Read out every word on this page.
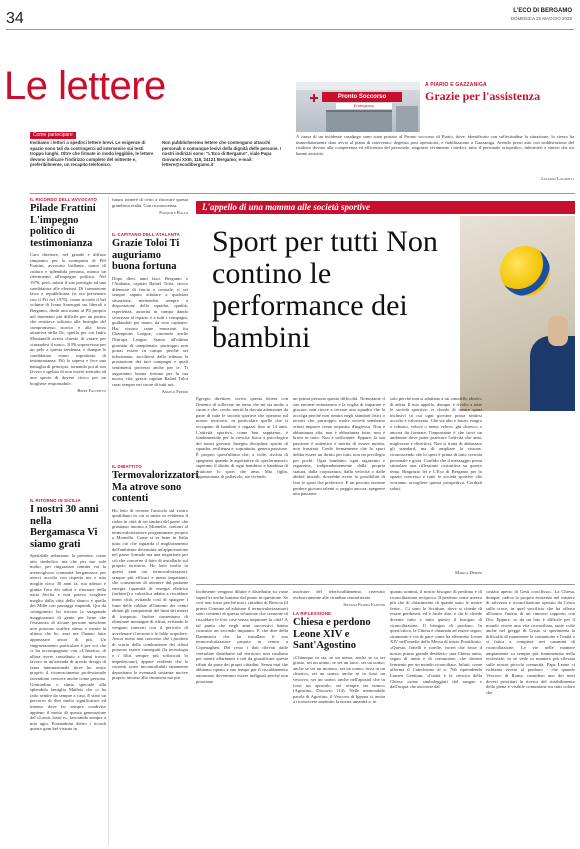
34	L'ECO DI BERGAMO
DOMENICA 25 MAGGIO 2025
Le lettere	Pronto Soccorso
Emergency
A PIARIO E GAZZANIGA
Grazie per l'assistenza
A causa di un incidente casalingo sono stato portato al Pronto soccorso di Piario, dove, identificato con sollecitudine la situazione, lo stesso ha immediatamente dato avvio al piano di intervento, degenza post operatoria, e riabilitazione a Gazzaniga. Avendo preso atto con soddisfazione del risultato dovuto alla competenza ed efficienza del personale, ringrazio vivamente i medici, tutto il personale ortopedico, infermieri e sintesi che mi hanno assistito.
Luciano Locatelli
Come partecipare
Invitiamo i lettori a spedirci lettere brevi. Le esigenze di spazio sono tali da costringerci ad intervenire sui testi troppo lunghi. Oltre che firmate in modo leggibile, le lettere devono indicare l'indirizzo completo del mittente e, preferibilmente, un recapito telefonico.
Non pubblicheremo lettere che contengano attacchi personali o comunque lesivi della dignità delle persone. I nostri indirizzi sono: "L'Eco di Bergamo", viale Papa Giovanni XXIII, 118, 24121 Bergamo; e-mail: lettere@ecodibergamo.it
IL RICORDO DELL'AVVOCATO
Pilade Frattini L'impegno politico di testimonianza
Caro direttore, nel grande e diffuso rimpianto per la scomparsa di Pili Frattini, avvocato brillante, uomo di cultura e splendida persona, manca un riferimento all'impegno politico. Nel 1976, però, infatti il suo prestigio ad una candidatura alle elezioni. Di formazione laica e repubblicana (si era presentato con il Pri nel 1970), come ricorda il bel volume di Ivano Sonzogni sui liberali a Bergamo, diede una mano al Pli proprio nel momento più difficile per un partito che resisteva solitario alle lusinghe del compromesso storico e alla forza attrattiva della Dc, quella per cui Indro Montanelli aveva chiesto di votare per «turandosi il naso». Il Pli sopravvisse per un pelo a questa tendenza, e dunque le candidature erano soprattutto di testimonianza. Pili lo sapeva e fece una battaglia di principio, tornando poi al suo lavoro e sgelato di non essere sottratto ad una specie di dovere civico per un borghese responsabile.
Beppe Facchetti
IL RITORNO IN SICILIA
I nostri 30 anni nella Bergamasca Vi siamo grati
Spettabile redazione, la presente, come atto simbolico ma che per me vale molto, per ringraziare tramite voi la meravigliosa comunità bergamasca per averci accolto con rispetto me e mia moglie circa 30 anni fa, ma adesso è giunta l'ora dei saluti e ritornare nella natia Sicilia e non potevo scegliere meglio dalla città dello sbarco e quella dei Mille con passaggi stupendi. Qui da «emigrante» ho trovato la stragrande maggioranza di gente per bene che l'esistenza di alcune persone meschine non possono scalfire stima, e mente la ultima che ho, anzi me l'hanno fatto apprezzare ancor di più. Un ringraziamento particolare è per voi che ci ha accompagnato con «L'Inserto» di allora avere contributo a farmi trovar lavoro in un'azienda di arredo design di fama internazionale dove ho avuto proprio il riconoscimento professionale facendomi crescere anche come persona. Gratitudine e stima speciale alla splendida famiglia Maffeis che ci ha fatto sentire da sempre a casa. E stato un percorso di dire molto significativo ed intenso dove ho sempre condiviso appieno il motto di questa generazione del «Lassù, lassù e», lavorando sempre a mio agio. Portandomi dietro i ricordi questo gran bel vissuto in
futuro torneré di certo a ritrovare questa grandiosa realtà. Con riconoscenza.
Pasquale Rallo
IL CAPITANO DELL'ATALANTA
Grazie Toloi Ti auguriamo buona fortuna
Dopo dieci anni lasci Bergamo e l'Atalanta, capitan Rafael Toloi, stoico difensore di fascia e centrale, ti sei sempre saputo adattare a qualsiasi situazione, mettendoti sempre a disposizione della squadra, qualità, esperienza, autorità in campo dando sicurezza al reparto e a tutti i compagni, guidandoli per mano, da vero capitano. Hai vissuto tante emozioni fra Champions League, vincendo anche l'Europa League. Siamo all'ultima giornata di campionato, purtroppo non potrai essere in campo perché sei infortunato, ascolterai dalla tribuna la prestazione dei tuoi compagni e quali sentimenti proverai anche per te. Ti auguriamo buona fortuna per la tua nuova vita, grazie capitan Rafael Toloi sarai sempre nei cuore di tutti noi.
Angelo Freddi
IL DIBATTITO
Termovalorizzatori Ma atrove sono contenti
Ho letto di recente l'articolo sul vostro quotidiano in cui si mette in evidenza il rialzo in città di sei sindaci del paese che giustiano intorno a Montello, contrari al termovalorizzatore programmato proprio a Montello. Come si sa bene in Italia tutto ciò che riguarda il miglioramento dell'ambiente determina un'approvazione nel paese formale ma una negazione per ciò che concerne il fatto di installarlo sul proprio territorio. Ho letto molto in questi anni sui termovalorizzatori, sempre più efficaci e meno impattanti, che consentono di ottenere dal pattume energia (quantità di energia elettrica (turbine)) e calorifica adatta a riscaldare interi città, evitando così di spargere i fumi delle caldaie all'interno dei centri abitati gli componenti del fumi dei mezzi di trasporto. Inoltre consentono di eliminare montagne di rifiuti, evitando le vengano interrati con il pericolo di avvelenare il terreno e le falde acquifere. Ancor meno non concesso che i prodotti di scarto della combustione dei rifiuti possono essere conseguiti (la tecnologia e i filtri sempre più sofisticati lo impediscono), appare evidente che le correnti acree incontrollabili tanamente depositano le eventuali sostanze nocive proprio intorno alla ciminiera ma più
L'appello di una mamma alle società sportive
Sport per tutti Non contino le performance dei bambini
Egregio direttore, scrivo questa lettera con l'intento di sollevare un tema che mi sta molto a cuore e che, credo, meriti la dovuta attenzione da parte di tutte le società sportive che operano sul nostro territorio, in particolare quelle che si occupano di bambini e ragazzi fino ai 14 anni. L'attività sportiva, come ben sappiamo, è fondamentale per la crescita fisica e psicologica dei nostri giovani. Insegna disciplina, spirito di squadra, resilienza e, soprattutto, genera passione. È proprio quest'ultima che, a volte, rischia di spegnersi quando le aspettative di «performance» superano il diritto di ogni bambino e bambina di praticare lo sport che ama. Mia figlia, appassionata di pallavolo, sta vivendo
un prima persona questa difficoltà. Nonostante il suo enorme entusiasmo e la voglia di imparare e giocare, non riesce a trovare una squadra che la accolga perché non rientra negli standard fisici o tecnici che, purtroppo, molte società sembrano ormai imporre come requisito d'ingresso. Non è abbastanza alta, non è abbastanza forte, non è brava in tutto. Non è sufficiente. Eppure, la sua passione è autentica e merita di essere nutrita, non frustrata. Credo fermamente che lo sport debba essere un diritto per tutti, non un privilegio per pochi. Ogni bambino, ogni ragazzino e ragazzina, indipendentemente dalla propria statura, dalla corporatura, dalla velocità o dalle abilità iniziali, dovrebbe avere la possibilità di fare lo sport che preferisce. E un peccato enorme perdere giovani talenti o, peggio ancora, spegnere una passione
solo perché non si adattano a un «modello ideale» di atleta. Il mio appello, dunque, è rivolto a tutte le società sportive: vi chiedo di creare spazi inclusivi in cui ogni giovane possa sentirsi accolto e valorizzato. Che sia alto o basso, magro o robusto, veloce o meno veloce, già «bravo» o ancora da formare, l'importante è che trovi un ambiente dove poter praticare l'attività che ama, migliorare e divertirsi. Non si tratta di abbassare gli standard, ma di ampliare la visione, riconoscendo che lo sport è prima di tutto crescita personale e gioia. Confido che il messaggio possa stimolare una riflessione costruttiva su questo tema. Ringrazio lei e L'Eco di Bergamo per lo spazio concesso e tutte le società sportive che vorranno accogliere questa prospettiva. Cordiali saluti.
Marica Deboni
facilmente vengono diluite e distribuite su vaste superfici anche lontano dal punto in questione. Se così non fosse perché mai i cittadini di Brescia (il primo Comune ad adottare il termovalorizzatore) sono contenti di questa soluzione che consente di riscaldare le loro case senza inquinare la città? A tal punto che negli anni successivi hanno costruito un secondo impianto. E che dire della Danimarca che ha installato il suo termovalorizzatore proprio in centro a Copenaghen. Del resto i dati rilevati dalle centraline distribuite sul territorio non risultano per niente allarmanti e tali da giustificare queste rifiuti da parte dei propri cittadini. Senza mai che abbiamo optato a suo tempo per il riscaldamento autonomo dovremmo essere indignati perché non possiamo
usufruire del teleriscaldamento, riservato esclusivamente alle cittadine centralizzate.
Silvano Filippo Fantoni
LA RIFLESSIONE
Chiesa e perdono Leone XIV e Sant'Agostino
«Chiunque tu sia, se un uomo, anche se tu sei giusto, sei un uomo; se sei un laico, sei un uomo; anche se sei un monaco, sei un uomo; fossi tu un chierico, sei un uomo; anche se tu fossi un vescovo, sei un uomo; anche nell'apostol che tu fossi un apostolo, sei sempre un uomo» (Agostino, Discorso 114). Nelle memorabile parole di Agostino, il Vescovo di Ippona ci invita a riconoscere anzitutto la nostra umanità e, in
quanto uomini, il nostro bisogno di perdono e di riconciliazione reciproca. Il perdono come mezzo più che di chiarimento di quante sono le nostre ferite... Ci sono le Scritture, dove si chiede di essere perdonati, ed è facile dire, e chi lo chiede diventa tutto e tutto questo il bisogno di riconciliazione, Il bisogno di perdono. In quest'ottica, la Chiesa è chiamata ad essere segno, strumento e via di pace come ha affermato Leone XIV nell'omelia della Messa di inizio Pontificato. «Questo, fratelli e sorelle, vorrei che fosse il nostro primo grande desiderio: una Chiesa unita, segno di unità e di comunione, che diventi fermento per un mondo riconciliato. Infatti, come afferma il Catechismo al n. 766 riprendendo Lumen Gentium, «l'unità è la crescita della Chiesa «sono simboleggiati dal sangue e dall'acqua che uscirono dal
costato aperto di Gesù crocifisso». La Chiesa, dunque, radica la propria esistenza nel mistero di salvezza e riconciliazione operato da Cristo sulla croce, in quel sacrificio che ha offerto all'uomo l'inizio di un rinnovo rapporto con Dio. Eppure, se da un lato è difficile per il mondo vivere una vita riconciliata, tante volte anche nel gregge di Cristo si sperimenta la difficoltà di mantenere la comunione e l'unità e si fatica a compiere seri cammini di riconciliazione. Le vie nelle maniere ampiamente su sempre più frammentata nella ecclesiale, in sé vede in maniera più rilevata sulla nostra piccola comunità. Papa Leone ci richiama vivere al perdono - che quando Vescovo di Roma, considero uno dei miei doveri prioritari la ricerca del ristabilimento della piena e visibile comunione tra tutti coloro che
